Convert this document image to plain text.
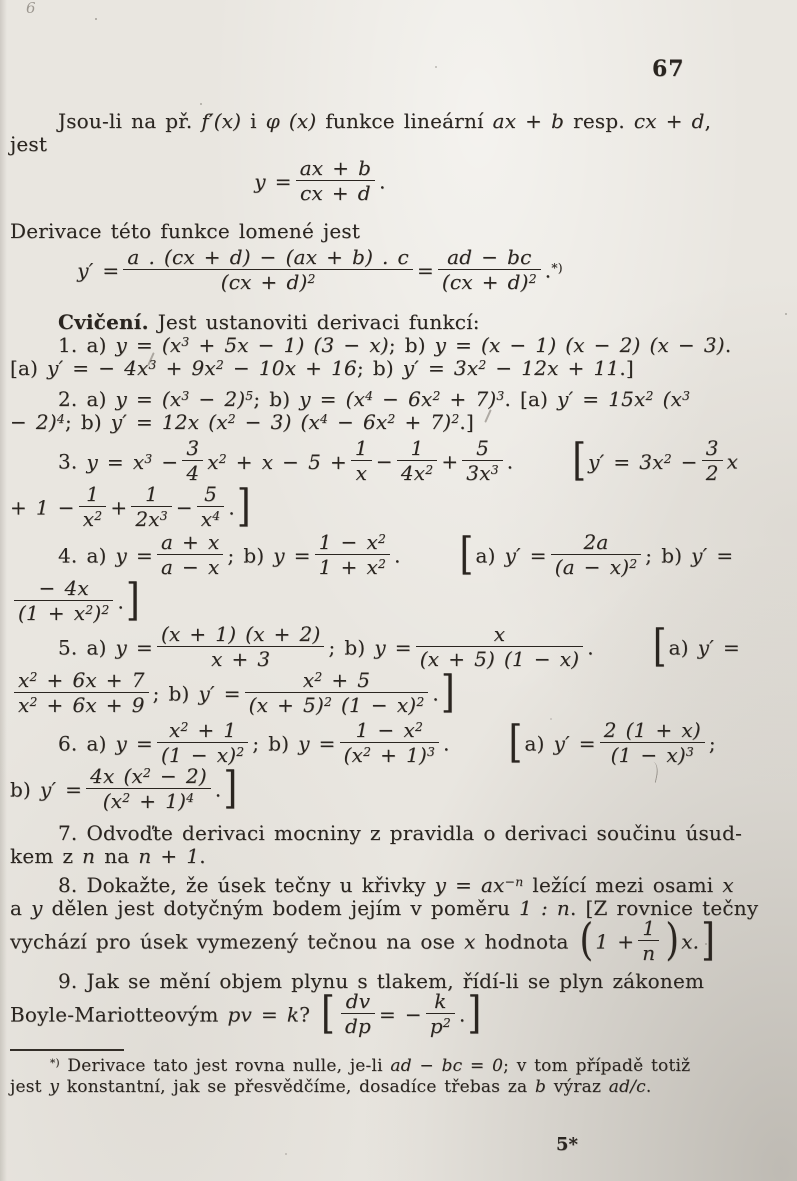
6
67
Jsou-li na př. f′(x) i φ (x) funkce lineární ax + b resp. cx + d,
jest
$y = \frac{ax + b}{cx + d}$ .
Derivace této funkce lomené jest
$y' = \frac{a . (cx + d) - (ax + b) . c}{(cx + d)^2} = \frac{ad - bc}{(cx + d)^2} .^{*)}$
Cvičení. Jest ustanoviti derivaci funkcí:
1. a) $y = (x^3 + 5x - 1) (3 - x)$; b) y = (x − 1) (x − 2) (x − 3).
[a) y′ = − $4x^3 + 9x^2 - 10x + 16$; b) $y' = 3x^2 - 12x + 11$.]
2. a) $y = (x^3 - 2)^5$; b) $y = (x^4 - 6x^2 + 7)^3$. [a) $y' = 15x^2$ ($x^3$
− 2)$^4$; b) y′ = 12x $(x^2 - 3) (x^4 - 6x^2 + 7)^2$.]
3. $y = x^3 - \frac{3}{4} x^2 + x - 5 + \frac{1}{x} - \frac{1}{4x^2} + \frac{5}{3x^3}$ . [ $y' = 3x^2 - \frac{3}{2}$ x
+ $1 - \frac{1}{x^2} + \frac{1}{2x^3} - \frac{5}{x^4}$ .]
4. a) $y = \frac{a + x}{a - x}$ ; b) $y = \frac{1 - x^2}{1 + x^2}$ . [ a) $y' = \frac{2a}{(a - x)^2}$ ; b) y′ =
$\frac{- 4x}{(1 + x^2)^2}$ .]
5. a) $y = \frac{(x + 1) (x + 2)}{x + 3}$ ; b) $y = \frac{x}{(x + 5) (1 - x)}$ . [ a) y′ =
$\frac{x^2 + 6x + 7}{x^2 + 6x + 9}$ ; b) $y' = \frac{x^2 + 5}{(x + 5)^2 (1 - x)^2}$ .]
6. a) $y = \frac{x^2 + 1}{(1 - x)^2}$ ; b) $y = \frac{1 - x^2}{(x^2 + 1)^3}$ . [ a) $y' = \frac{2 (1 + x)}{(1 - x)^3}$ ;
b) $y' = \frac{4x (x^2 - 2)}{(x^2 + 1)^4}$ .]
7. Odvoďte derivaci mocniny z pravidla o derivaci součinu úsud-
kem z n na n + 1.
8. Dokažte, že úsek tečny u křivky $y = ax^{-n}$ ležící mezi osami x
a y dělen jest dotyčným bodem jejím v poměru 1 : n. [Z rovnice tečny
vychází pro úsek vymezený tečnou na ose x hodnota ( $1 + \frac{1}{n}$ ) x.]
9. Jak se mění objem plynu s tlakem, řídí-li se plyn zákonem
Boyle-Mariotteovým pv = k? [ $\frac{dv}{dp}$ = − $\frac{k}{p^2}$ .]
*) Derivace tato jest rovna nulle, je-li ad − bc = 0; v tom případě totiž
jest y konstantní, jak se přesvědčíme, dosadíce třebas za b výraz ad/c.
5*
